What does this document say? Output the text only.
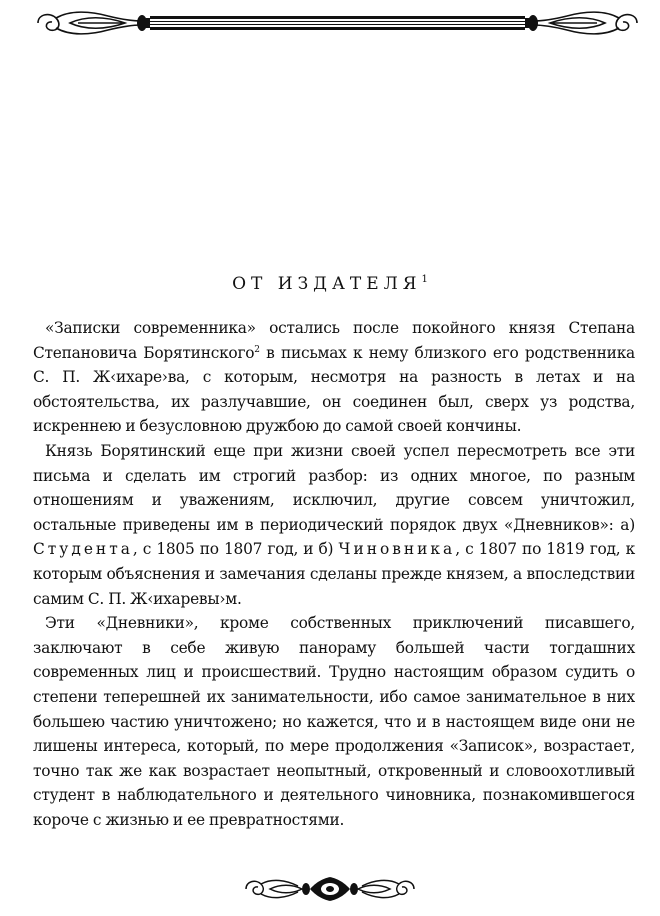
ОТ ИЗДАТЕЛЯ$^1$

«Записки современника» остались после покойного князя Степана Степановича Борятинского$^2$ в письмах к нему близкого его родственника С. П. Ж‹ихаре›ва, с которым, несмотря на разность в летах и на обстоятельства, их разлучавшие, он соединен был, сверх уз родства, искреннею и безусловною дружбою до самой своей кончины.

Князь Борятинский еще при жизни своей успел пересмотреть все эти письма и сделать им строгий разбор: из одних многое, по разным отношениям и уважениям, исключил, другие совсем уничтожил, остальные приведены им в периодический порядок двух «Дневников»: а) Студента, с 1805 по 1807 год, и б) Чиновника, с 1807 по 1819 год, к которым объяснения и замечания сделаны прежде князем, а впоследствии самим С. П. Ж‹ихаревы›м.

Эти «Дневники», кроме собственных приключений писавшего, заключают в себе живую панораму большей части тогдашних современных лиц и происшествий. Трудно настоящим образом судить о степени теперешней их занимательности, ибо самое занимательное в них большею частию уничтожено; но кажется, что и в настоящем виде они не лишены интереса, который, по мере продолжения «Записок», возрастает, точно так же как возрастает неопытный, откровенный и словоохотливый студент в наблюдательного и деятельного чиновника, познакомившегося короче с жизнью и ее превратностями.
